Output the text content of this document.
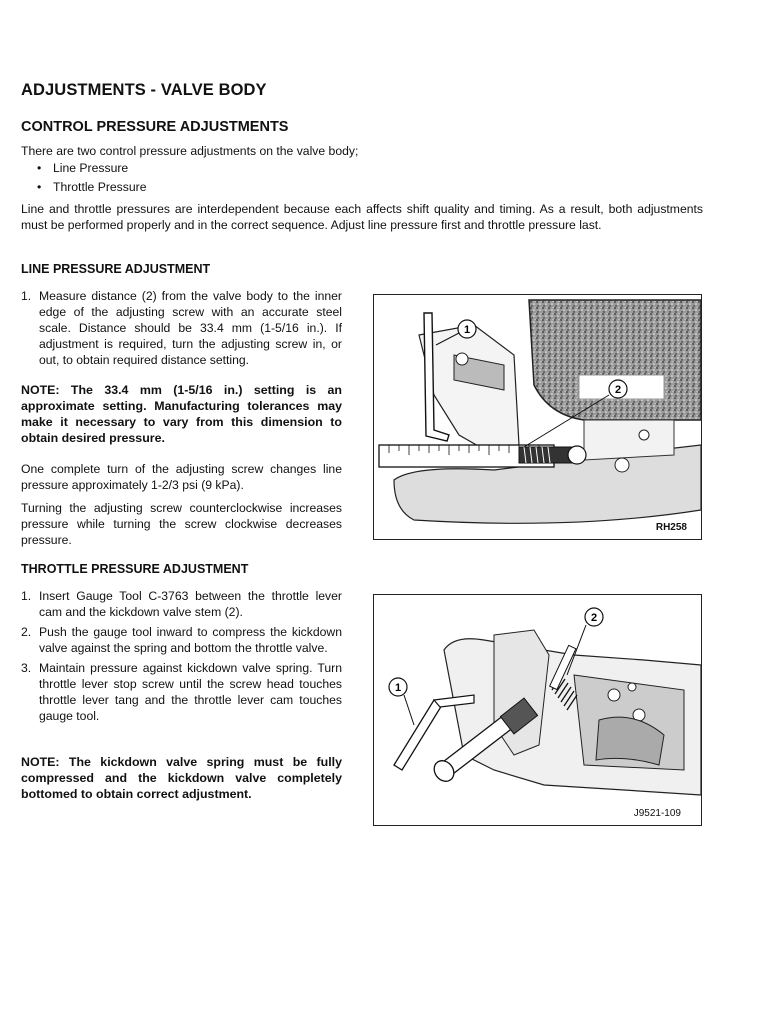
ADJUSTMENTS - VALVE BODY
CONTROL PRESSURE ADJUSTMENTS

There are two control pressure adjustments on the valve body;

• Line Pressure
• Throttle Pressure

Line and throttle pressures are interdependent because each affects shift quality and timing. As a result, both adjustments must be performed properly and in the correct sequence. Adjust line pressure first and throttle pressure last.

LINE PRESSURE ADJUSTMENT
1. Measure distance (2) from the valve body to the inner edge of the adjusting screw with an accurate steel scale. Distance should be 33.4 mm (1-5/16 in.). If adjustment is required, turn the adjusting screw in, or out, to obtain required distance setting.

NOTE: The 33.4 mm (1-5/16 in.) setting is an approximate setting. Manufacturing tolerances may make it necessary to vary from this dimension to obtain desired pressure.

One complete turn of the adjusting screw changes line pressure approximately 1-2/3 psi (9 kPa).

Turning the adjusting screw counterclockwise increases pressure while turning the screw clockwise decreases pressure.

1
2
RH258
THROTTLE PRESSURE ADJUSTMENT
1. Insert Gauge Tool C-3763 between the throttle lever cam and the kickdown valve stem (2).
2. Push the gauge tool inward to compress the kickdown valve against the spring and bottom the throttle valve.
3. Maintain pressure against kickdown valve spring. Turn throttle lever stop screw until the screw head touches throttle lever tang and the throttle lever cam touches gauge tool.

NOTE: The kickdown valve spring must be fully compressed and the kickdown valve completely bottomed to obtain correct adjustment.

1
2
J9521-109
